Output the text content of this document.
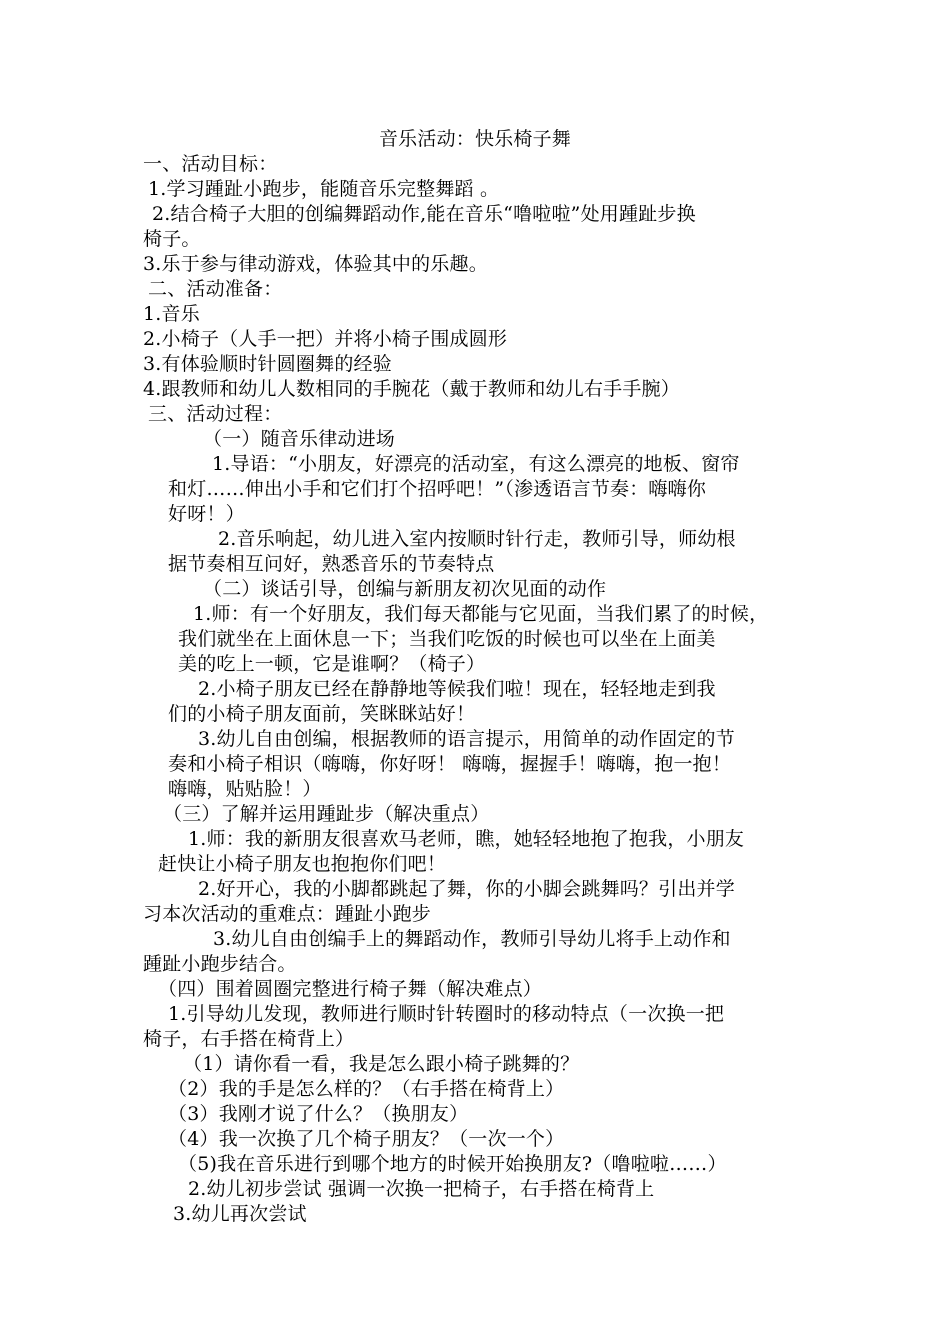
音乐活动：快乐椅子舞
一、活动目标：
1.学习踵趾小跑步，能随音乐完整舞蹈 。
2.结合椅子大胆的创编舞蹈动作,能在音乐“噜啦啦”处用踵趾步换
椅子。
3.乐于参与律动游戏，体验其中的乐趣。
二、活动准备：
1.音乐
2.小椅子（人手一把）并将小椅子围成圆形
3.有体验顺时针圆圈舞的经验
4.跟教师和幼儿人数相同的手腕花（戴于教师和幼儿右手手腕）
三、活动过程：
（一）随音乐律动进场
1.导语：“小朋友，好漂亮的活动室，有这么漂亮的地板、窗帘
和灯……伸出小手和它们打个招呼吧！”（渗透语言节奏：嗨嗨你
好呀！）
2.音乐响起，幼儿进入室内按顺时针行走，教师引导，师幼根
据节奏相互问好，熟悉音乐的节奏特点
（二）谈话引导，创编与新朋友初次见面的动作
1.师：有一个好朋友，我们每天都能与它见面，当我们累了的时候，
我们就坐在上面休息一下；当我们吃饭的时候也可以坐在上面美
美的吃上一顿，它是谁啊？（椅子）
2.小椅子朋友已经在静静地等候我们啦！现在，轻轻地走到我
们的小椅子朋友面前，笑眯眯站好！
3.幼儿自由创编，根据教师的语言提示，用简单的动作固定的节
奏和小椅子相识（嗨嗨，你好呀！ 嗨嗨，握握手！嗨嗨，抱一抱！
嗨嗨，贴贴脸！）
（三）了解并运用踵趾步（解决重点）
1.师：我的新朋友很喜欢马老师，瞧，她轻轻地抱了抱我，小朋友
赶快让小椅子朋友也抱抱你们吧！
2.好开心，我的小脚都跳起了舞，你的小脚会跳舞吗？引出并学
习本次活动的重难点：踵趾小跑步
3.幼儿自由创编手上的舞蹈动作，教师引导幼儿将手上动作和
踵趾小跑步结合。
（四）围着圆圈完整进行椅子舞（解决难点）
1.引导幼儿发现，教师进行顺时针转圈时的移动特点（一次换一把
椅子，右手搭在椅背上）
（1）请你看一看，我是怎么跟小椅子跳舞的？
（2）我的手是怎么样的？（右手搭在椅背上）
（3）我刚才说了什么？（换朋友）
（4）我一次换了几个椅子朋友？（一次一个）
（5)我在音乐进行到哪个地方的时候开始换朋友?（噜啦啦……）
2.幼儿初步尝试 强调一次换一把椅子，右手搭在椅背上
3.幼儿再次尝试
